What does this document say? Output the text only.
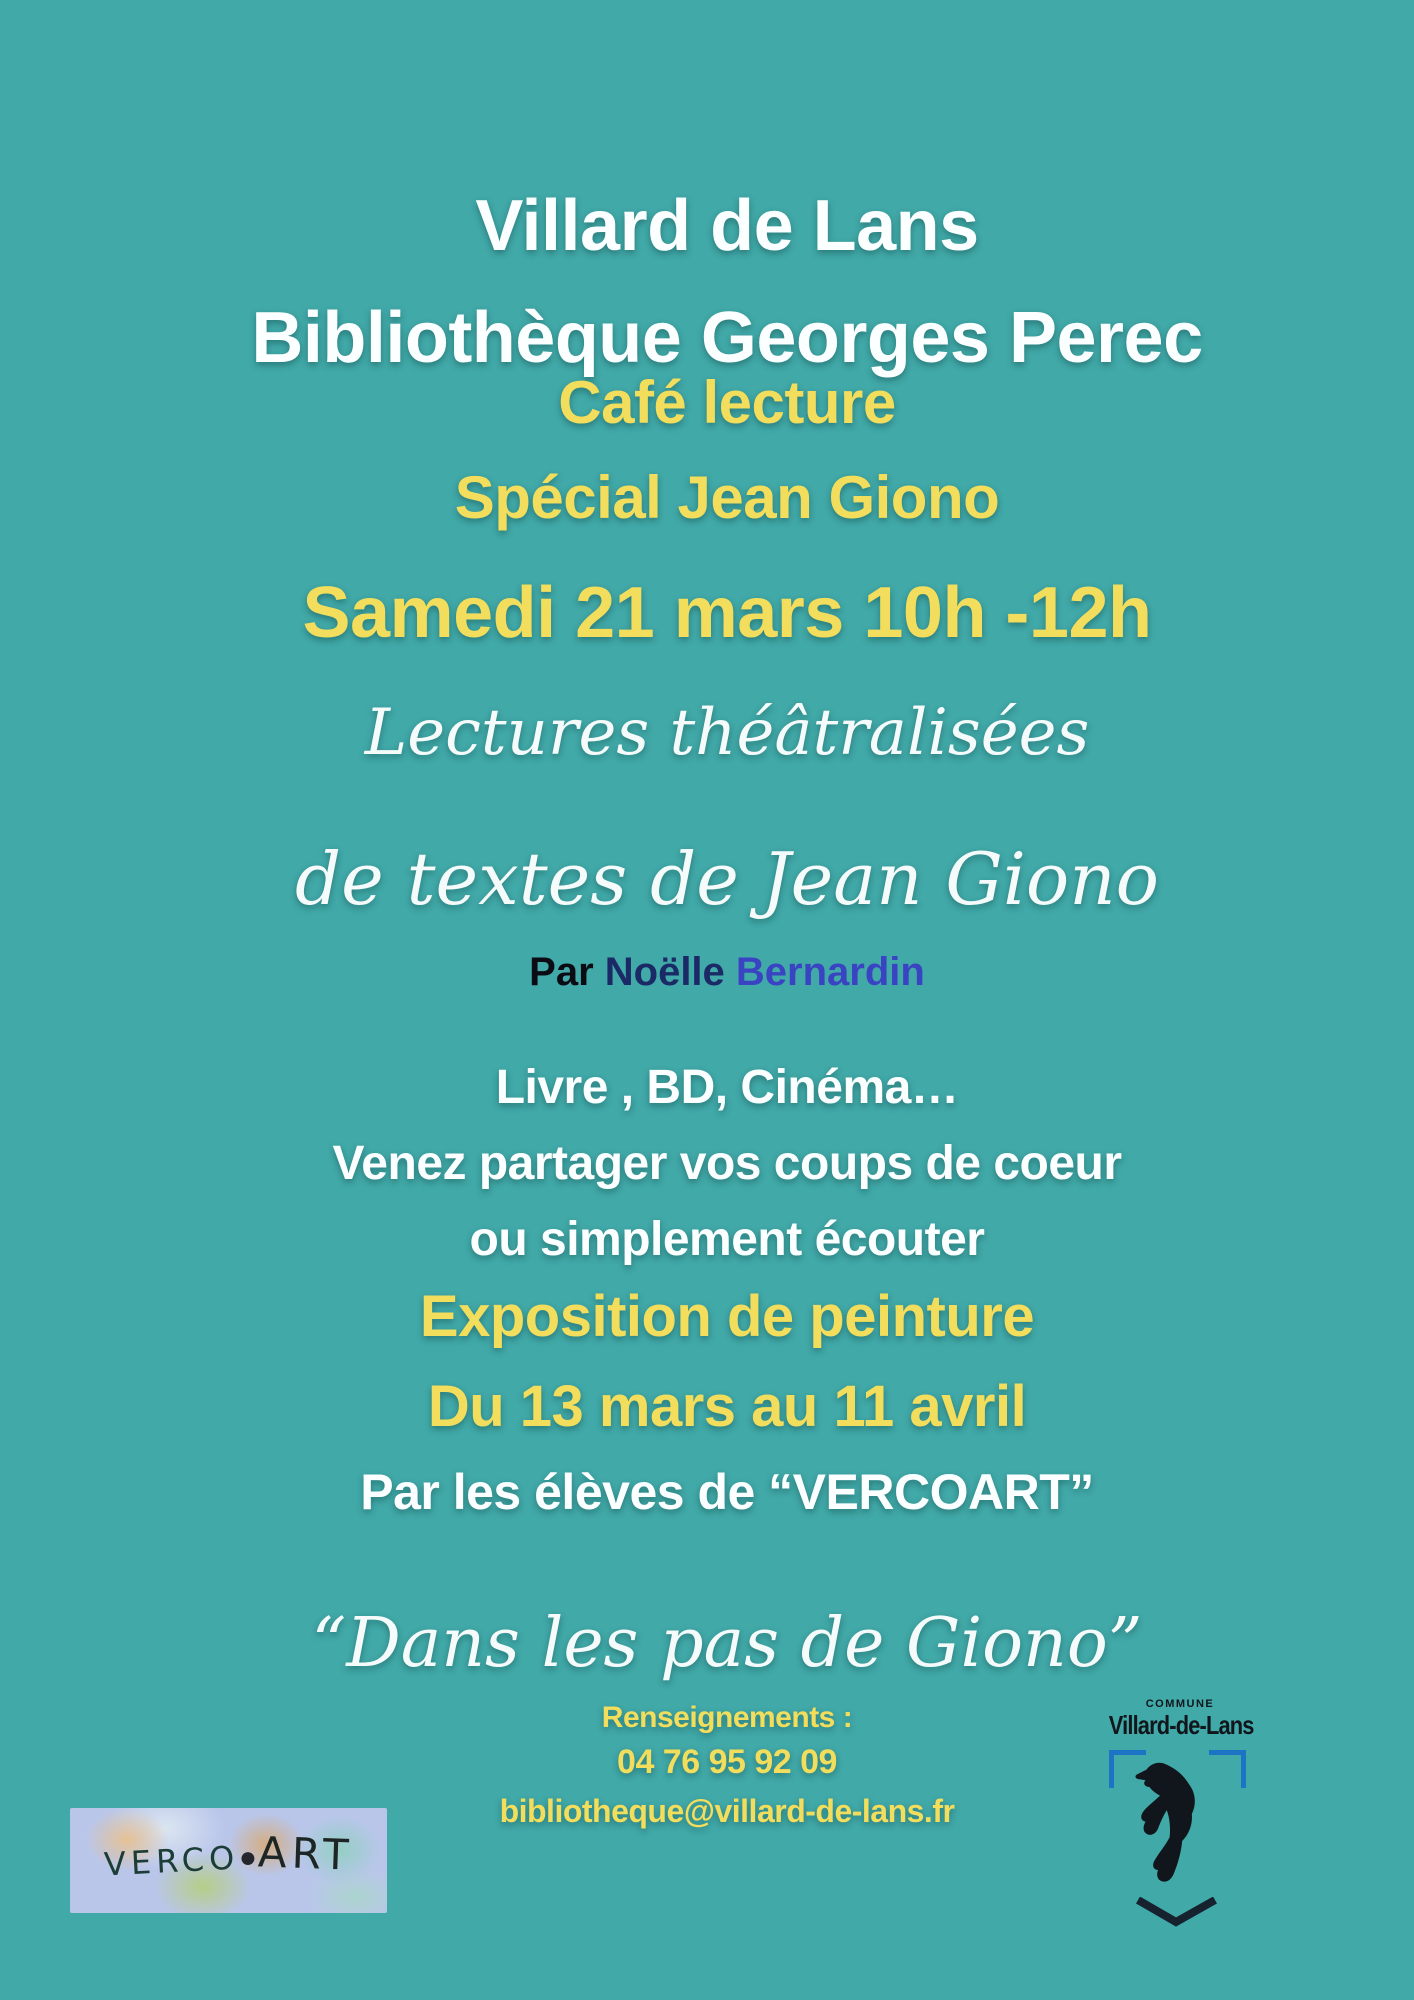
Villard de Lans
Bibliothèque Georges Perec
Café lecture
Spécial Jean Giono
Samedi 21 mars 10h -12h
Lectures théâtralisées
de textes de Jean Giono
Par Noëlle Bernardin
Livre , BD, Cinéma…
Venez partager vos coups de coeur
ou simplement écouter
Exposition de peinture
Du 13 mars au 11 avril
Par les élèves de “VERCOART”
“Dans les pas de Giono”
Renseignements :
04 76 95 92 09
bibliotheque@villard-de-lans.fr
VERCO ● ART
COMMUNE
Villard-de-Lans
